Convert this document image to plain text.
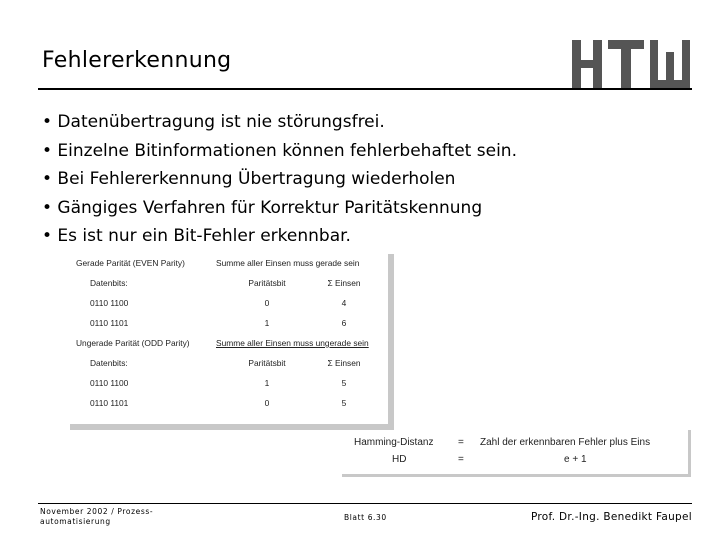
Fehlererkennung
• Datenübertragung ist nie störungsfrei.
• Einzelne Bitinformationen können fehlerbehaftet sein.
• Bei Fehlererkennung Übertragung wiederholen
• Gängiges Verfahren für Korrektur Paritätskennung
• Es ist nur ein Bit-Fehler erkennbar.
Gerade Parität (EVEN Parity)	Summe aller Einsen muss gerade sein
Datenbits:	Paritätsbit	Σ Einsen
0110 1100	0	4
0110 1101	1	6
Ungerade Parität (ODD Parity)	Summe aller Einsen muss ungerade sein
Datenbits:	Paritätsbit	Σ Einsen
0110 1100	1	5
0110 1101	0	5
Hamming-Distanz = Zahl der erkennbaren Fehler plus Eins
HD	=	e + 1
November 2002 / Prozess-
automatisierung	Blatt 6.30	Prof. Dr.-Ing. Benedikt Faupel
